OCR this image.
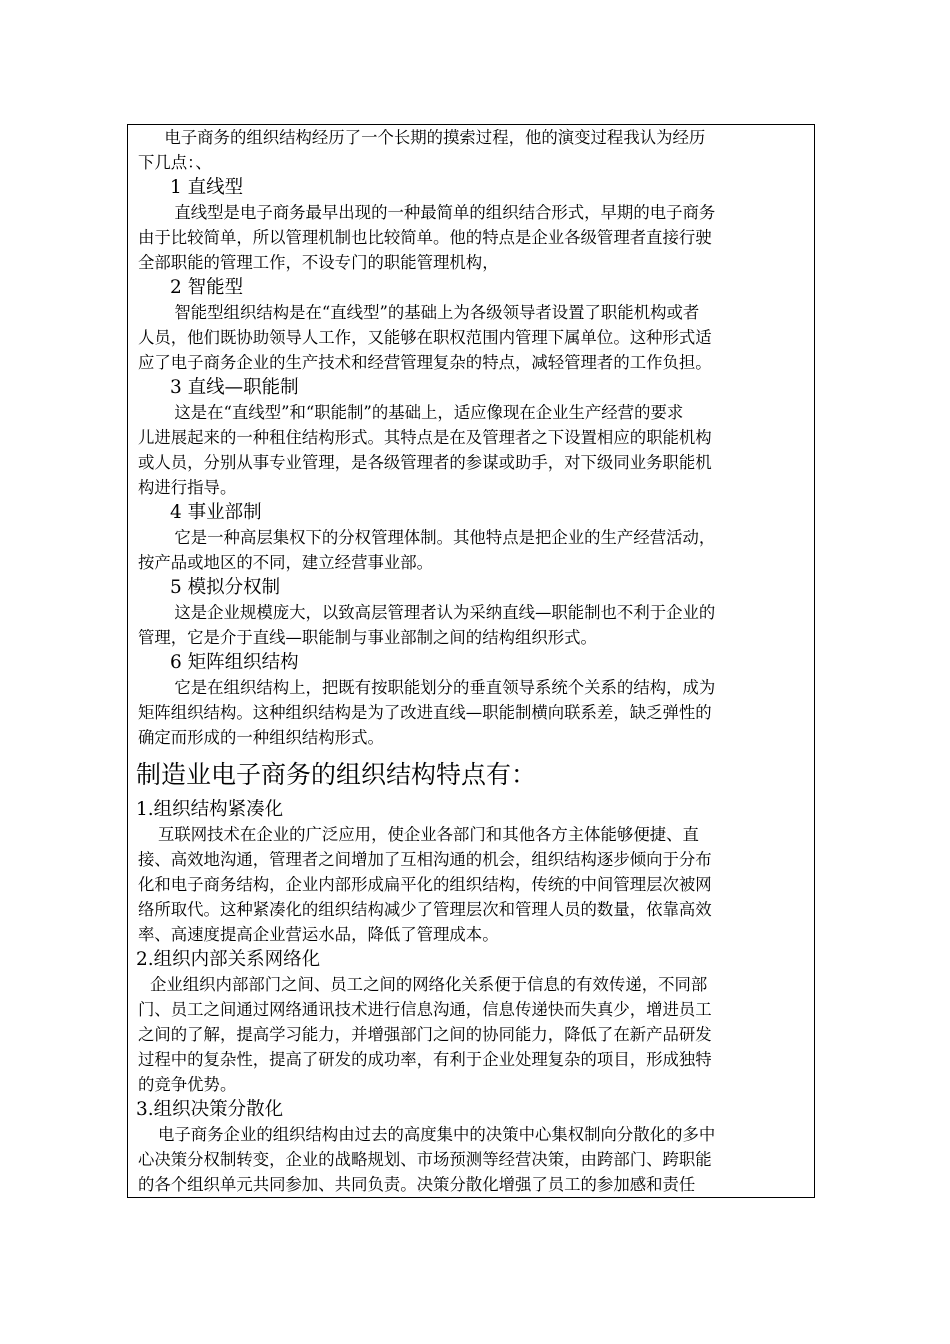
　电子商务的组织结构经历了一个长期的摸索过程，他的演变过程我认为经历
下几点：、
1 直线型
　直线型是电子商务最早出现的一种最简单的组织结合形式，早期的电子商务
由于比较简单，所以管理机制也比较简单。他的特点是企业各级管理者直接行驶
全部职能的管理工作，不设专门的职能管理机构，
2 智能型
　智能型组织结构是在“直线型”的基础上为各级领导者设置了职能机构或者
人员，他们既协助领导人工作，又能够在职权范围内管理下属单位。这种形式适
应了电子商务企业的生产技术和经营管理复杂的特点，减轻管理者的工作负担。
3 直线—职能制
　这是在“直线型”和“职能制”的基础上，适应像现在企业生产经营的要求
儿进展起来的一种租住结构形式。其特点是在及管理者之下设置相应的职能机构
或人员，分别从事专业管理，是各级管理者的参谋或助手，对下级同业务职能机
构进行指导。
4 事业部制
　它是一种高层集权下的分权管理体制。其他特点是把企业的生产经营活动，
按产品或地区的不同，建立经营事业部。
5 模拟分权制
　这是企业规模庞大，以致高层管理者认为采纳直线—职能制也不利于企业的
管理，它是介于直线—职能制与事业部制之间的结构组织形式。
6 矩阵组织结构
　它是在组织结构上，把既有按职能划分的垂直领导系统个关系的结构，成为
矩阵组织结构。这种组织结构是为了改进直线—职能制横向联系差，缺乏弹性的
确定而形成的一种组织结构形式。
制造业电子商务的组织结构特点有：
1.组织结构紧凑化
互联网技术在企业的广泛应用，使企业各部门和其他各方主体能够便捷、直
接、高效地沟通，管理者之间增加了互相沟通的机会，组织结构逐步倾向于分布
化和电子商务结构，企业内部形成扁平化的组织结构，传统的中间管理层次被网
络所取代。这种紧凑化的组织结构减少了管理层次和管理人员的数量，依靠高效
率、高速度提高企业营运水品，降低了管理成本。
2.组织内部关系网络化
企业组织内部部门之间、员工之间的网络化关系便于信息的有效传递，不同部
门、员工之间通过网络通讯技术进行信息沟通，信息传递快而失真少，增进员工
之间的了解，提高学习能力，并增强部门之间的协同能力，降低了在新产品研发
过程中的复杂性，提高了研发的成功率，有利于企业处理复杂的项目，形成独特
的竞争优势。
3.组织决策分散化
电子商务企业的组织结构由过去的高度集中的决策中心集权制向分散化的多中
心决策分权制转变，企业的战略规划、市场预测等经营决策，由跨部门、跨职能
的各个组织单元共同参加、共同负责。决策分散化增强了员工的参加感和责任
